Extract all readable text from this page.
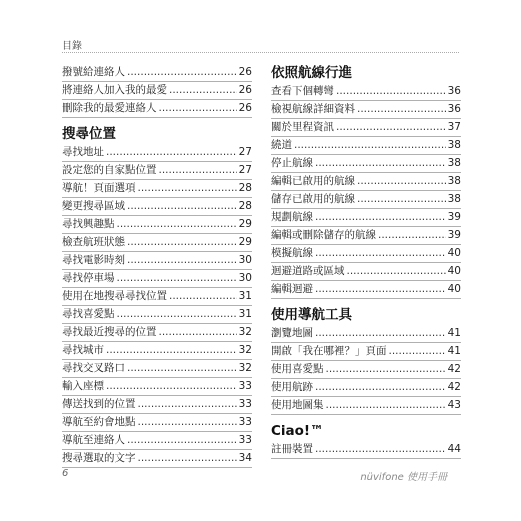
目錄
撥號給連絡人 .....	26
將連絡人加入我的最愛 .....	26
刪除我的最愛連絡人 .....	26
搜尋位置
尋找地址 .....	27
設定您的自家點位置 .....	27
導航！頁面選項 .....	28
變更搜尋區域 .....	28
尋找興趣點 .....	29
檢查航班狀態 .....	29
尋找電影時刻 .....	30
尋找停車場 .....	30
使用在地搜尋尋找位置 .....	31
尋找喜愛點 .....	31
尋找最近搜尋的位置 .....	32
尋找城市 .....	32
尋找交叉路口 .....	32
輸入座標 .....	33
傳送找到的位置 .....	33
導航至約會地點 .....	33
導航至連絡人 .....	33
搜尋選取的文字 .....	34
依照航線行進
查看下個轉彎 .....	36
檢視航線詳細資料 .....	36
關於里程資訊 .....	37
繞道 .....	38
停止航線 .....	38
編輯已啟用的航線 .....	38
儲存已啟用的航線 .....	38
規劃航線 .....	39
編輯或刪除儲存的航線 .....	39
模擬航線 .....	40
迴避道路或區域 .....	40
編輯迴避 .....	40
使用導航工具
瀏覽地圖 .....	41
開啟「我在哪裡？」頁面 .....	41
使用喜愛點 .....	42
使用航跡 .....	42
使用地圖集 .....	43
Ciao!™
註冊裝置 .....	44
6	nüvifone 使用手冊
